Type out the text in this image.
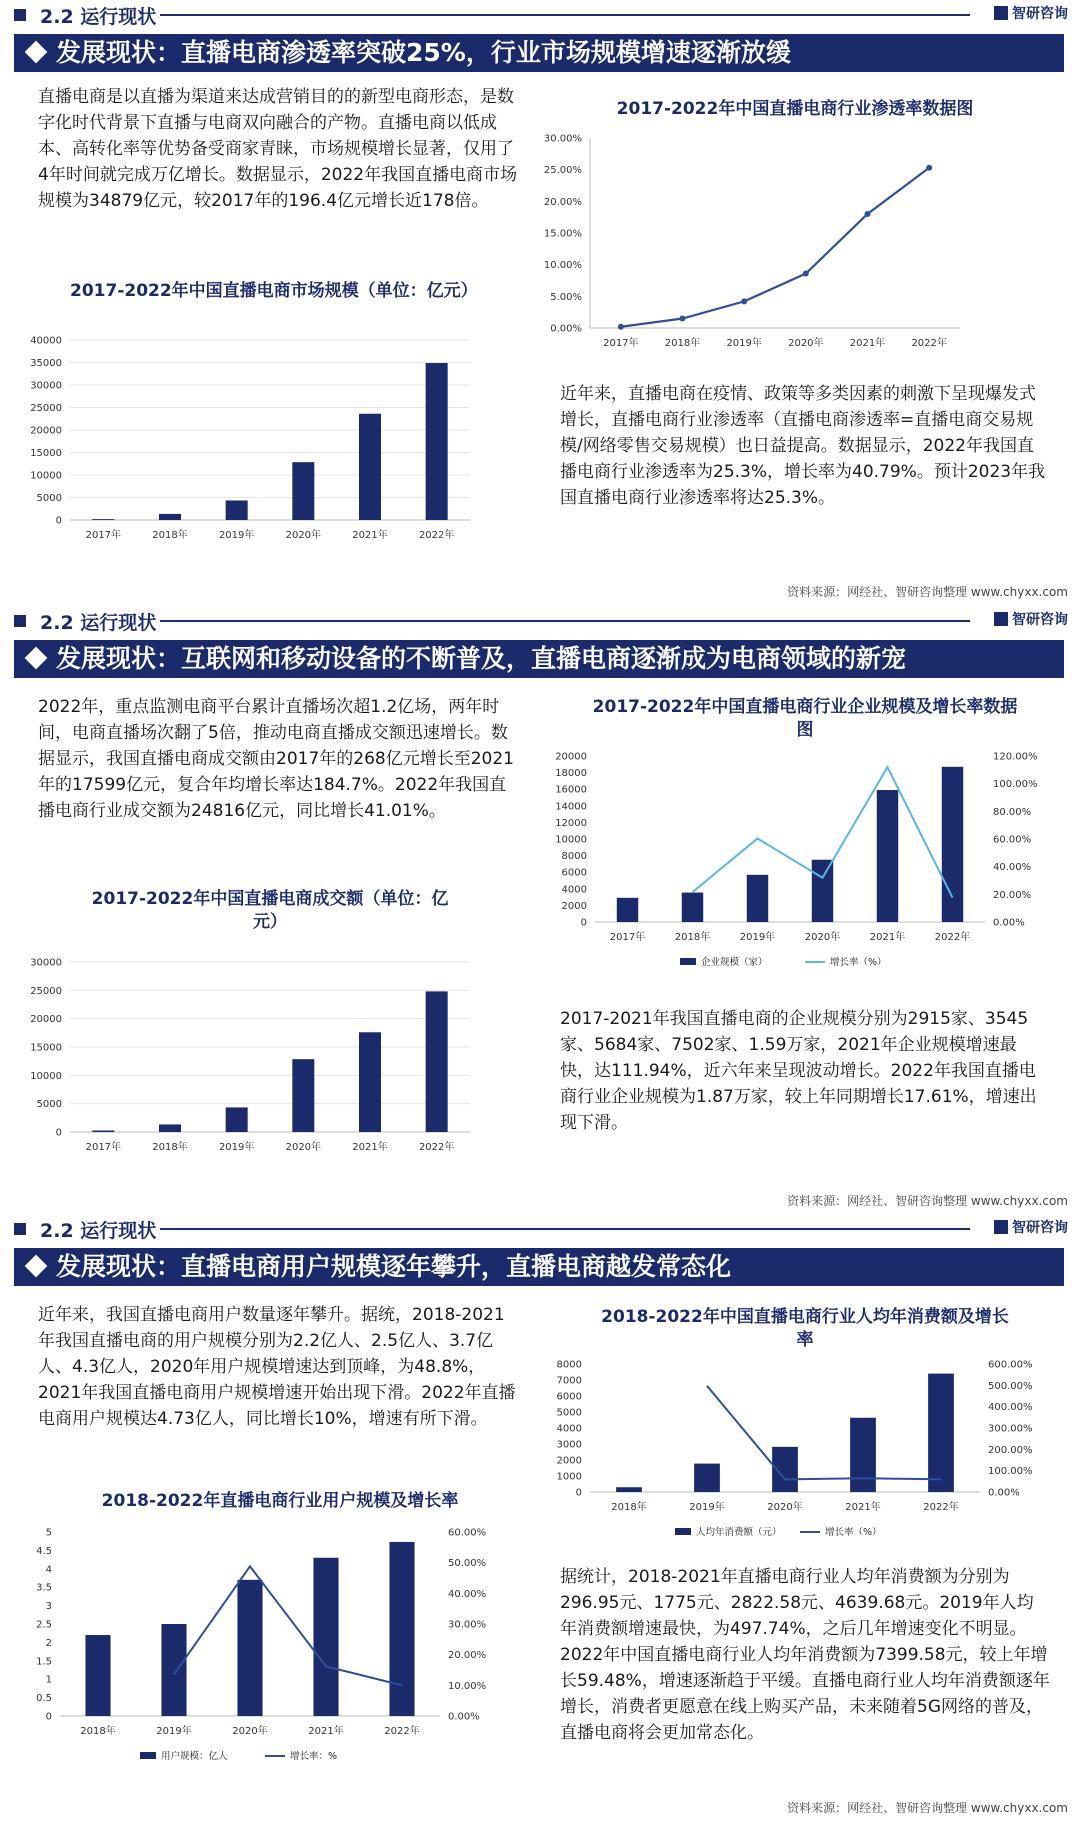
2.2 运行现状	智研咨询
发展现状：直播电商渗透率突破25%，行业市场规模增速逐渐放缓
直播电商是以直播为渠道来达成营销目的的新型电商形态，是数字化时代背景下直播与电商双向融合的产物。直播电商以低成本、高转化率等优势备受商家青睐，市场规模增长显著，仅用了4年时间就完成万亿增长。数据显示，2022年我国直播电商市场规模为34879亿元，较2017年的196.4亿元增长近178倍。
2017-2022年中国直播电商行业渗透率数据图
0.00%
5.00%
10.00%
15.00%
20.00%
25.00%
30.00%
2017年	2018年	2019年	2020年	2021年	2022年
2017-2022年中国直播电商市场规模（单位：亿元）
0
5000
10000
15000
20000
25000
30000
35000
40000
2017年	2018年	2019年	2020年	2021年	2022年
近年来，直播电商在疫情、政策等多类因素的刺激下呈现爆发式增长，直播电商行业渗透率（直播电商渗透率=直播电商交易规模/网络零售交易规模）也日益提高。数据显示，2022年我国直播电商行业渗透率为25.3%，增长率为40.79%。预计2023年我国直播电商行业渗透率将达25.3%。
资料来源：网经社、智研咨询整理 www.chyxx.com
2.2 运行现状	智研咨询
发展现状：互联网和移动设备的不断普及，直播电商逐渐成为电商领域的新宠
2022年，重点监测电商平台累计直播场次超1.2亿场，两年时间，电商直播场次翻了5倍，推动电商直播成交额迅速增长。数据显示，我国直播电商成交额由2017年的268亿元增长至2021年的17599亿元，复合年均增长率达184.7%。2022年我国直播电商行业成交额为24816亿元，同比增长41.01%。
2017-2022年中国直播电商行业企业规模及增长率数据图
0
2000
4000
6000
8000
10000
12000
14000
16000
18000
20000
0.00%
20.00%
40.00%
60.00%
80.00%
100.00%
120.00%
2017年	2018年	2019年	2020年	2021年	2022年
企业规模（家）	增长率（%）
2017-2022年中国直播电商成交额（单位：亿元）
0
5000
10000
15000
20000
25000
30000
2017年	2018年	2019年	2020年	2021年	2022年
2017-2021年我国直播电商的企业规模分别为2915家、3545家、5684家、7502家、1.59万家，2021年企业规模增速最快，达111.94%，近六年来呈现波动增长。2022年我国直播电商行业企业规模为1.87万家，较上年同期增长17.61%，增速出现下滑。
资料来源：网经社、智研咨询整理 www.chyxx.com
2.2 运行现状	智研咨询
发展现状：直播电商用户规模逐年攀升，直播电商越发常态化
近年来，我国直播电商用户数量逐年攀升。据统，2018-2021年我国直播电商的用户规模分别为2.2亿人、2.5亿人、3.7亿人、4.3亿人，2020年用户规模增速达到顶峰，为48.8%，2021年我国直播电商用户规模增速开始出现下滑。2022年直播电商用户规模达4.73亿人，同比增长10%，增速有所下滑。
2018-2022年中国直播电商行业人均年消费额及增长率
0
1000
2000
3000
4000
5000
6000
7000
8000
0.00%
100.00%
200.00%
300.00%
400.00%
500.00%
600.00%
2018年	2019年	2020年	2021年	2022年
人均年消费额（元）	增长率（%）
2018-2022年直播电商行业用户规模及增长率
0
0.5
1
1.5
2
2.5
3
3.5
4
4.5
5
0.00%
10.00%
20.00%
30.00%
40.00%
50.00%
60.00%
2018年	2019年	2020年	2021年	2022年
用户规模：亿人	增长率：%
据统计，2018-2021年直播电商行业人均年消费额为分别为296.95元、1775元、2822.58元、4639.68元。2019年人均年消费额增速最快，为497.74%，之后几年增速变化不明显。2022年中国直播电商行业人均年消费额为7399.58元，较上年增长59.48%，增速逐渐趋于平缓。直播电商行业人均年消费额逐年增长，消费者更愿意在线上购买产品，未来随着5G网络的普及，直播电商将会更加常态化。
资料来源：网经社、智研咨询整理 www.chyxx.com
